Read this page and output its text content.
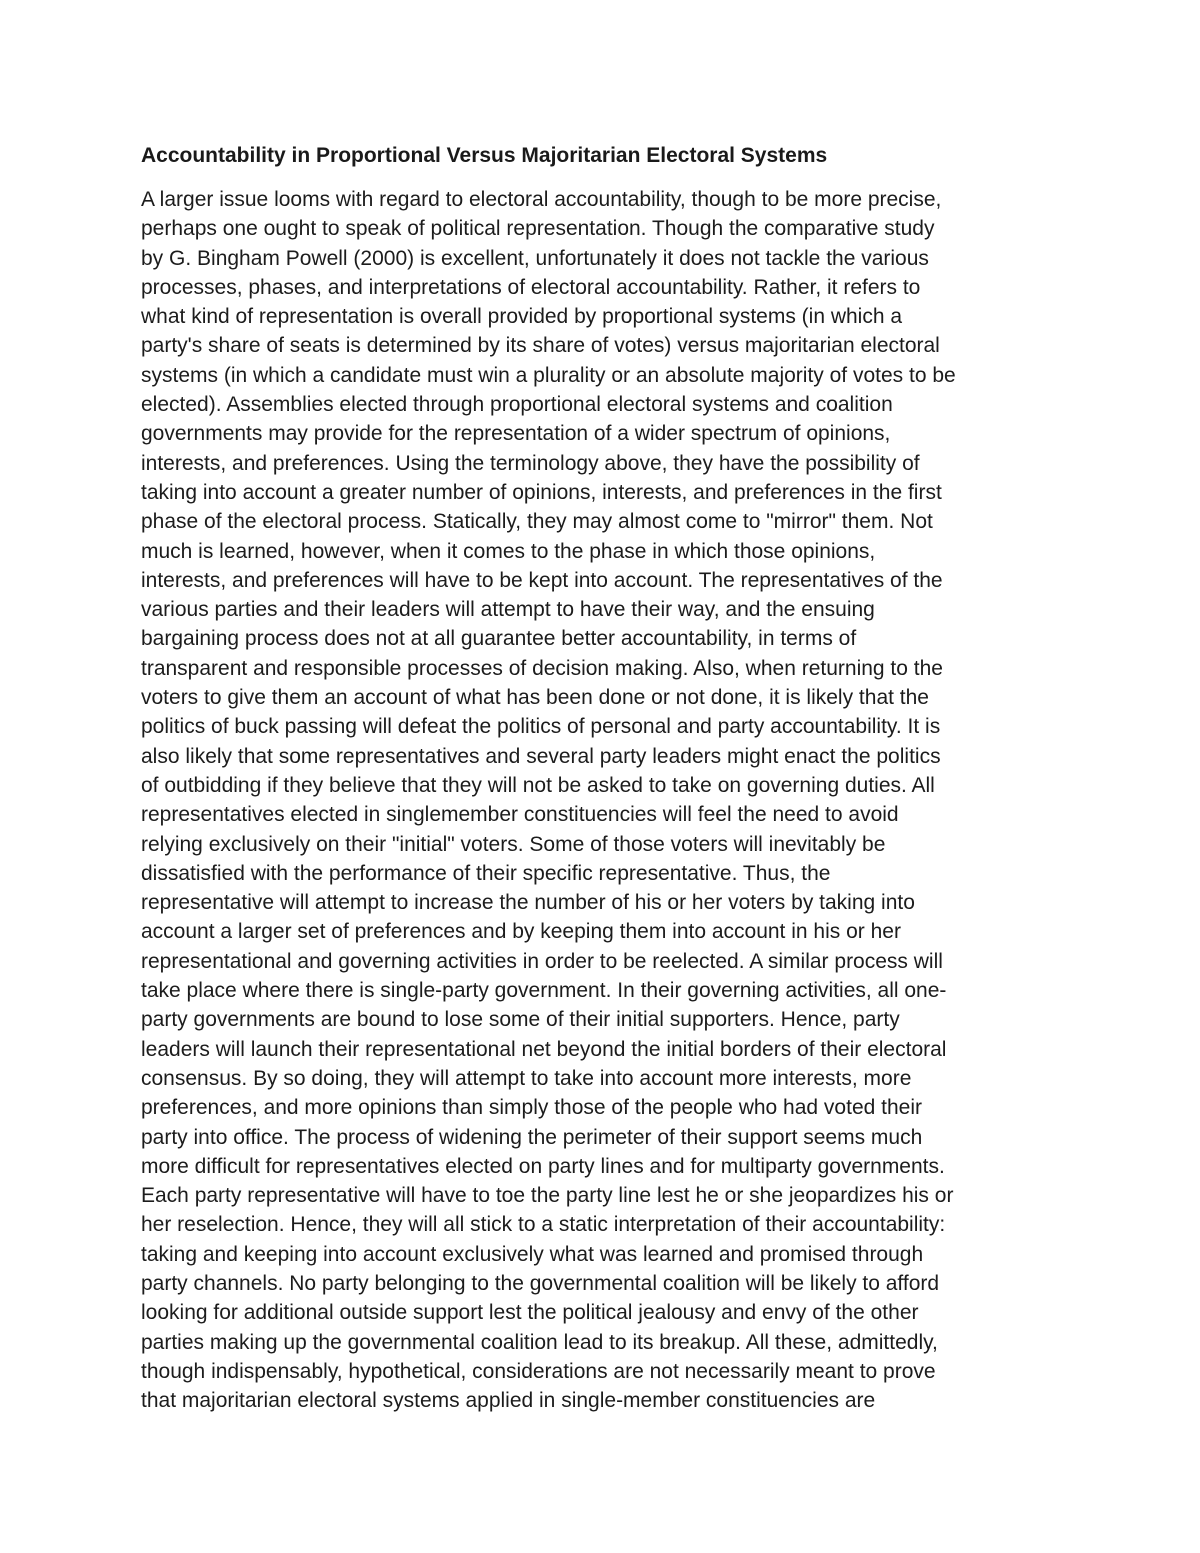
Accountability in Proportional Versus Majoritarian Electoral Systems
A larger issue looms with regard to electoral accountability, though to be more precise,
perhaps one ought to speak of political representation. Though the comparative study
by G. Bingham Powell (2000) is excellent, unfortunately it does not tackle the various
processes, phases, and interpretations of electoral accountability. Rather, it refers to
what kind of representation is overall provided by proportional systems (in which a
party's share of seats is determined by its share of votes) versus majoritarian electoral
systems (in which a candidate must win a plurality or an absolute majority of votes to be
elected). Assemblies elected through proportional electoral systems and coalition
governments may provide for the representation of a wider spectrum of opinions,
interests, and preferences. Using the terminology above, they have the possibility of
taking into account a greater number of opinions, interests, and preferences in the first
phase of the electoral process. Statically, they may almost come to "mirror" them. Not
much is learned, however, when it comes to the phase in which those opinions,
interests, and preferences will have to be kept into account. The representatives of the
various parties and their leaders will attempt to have their way, and the ensuing
bargaining process does not at all guarantee better accountability, in terms of
transparent and responsible processes of decision making. Also, when returning to the
voters to give them an account of what has been done or not done, it is likely that the
politics of buck passing will defeat the politics of personal and party accountability. It is
also likely that some representatives and several party leaders might enact the politics
of outbidding if they believe that they will not be asked to take on governing duties. All
representatives elected in singlemember constituencies will feel the need to avoid
relying exclusively on their "initial" voters. Some of those voters will inevitably be
dissatisfied with the performance of their specific representative. Thus, the
representative will attempt to increase the number of his or her voters by taking into
account a larger set of preferences and by keeping them into account in his or her
representational and governing activities in order to be reelected. A similar process will
take place where there is single-party government. In their governing activities, all one-
party governments are bound to lose some of their initial supporters. Hence, party
leaders will launch their representational net beyond the initial borders of their electoral
consensus. By so doing, they will attempt to take into account more interests, more
preferences, and more opinions than simply those of the people who had voted their
party into office. The process of widening the perimeter of their support seems much
more difficult for representatives elected on party lines and for multiparty governments.
Each party representative will have to toe the party line lest he or she jeopardizes his or
her reselection. Hence, they will all stick to a static interpretation of their accountability:
taking and keeping into account exclusively what was learned and promised through
party channels. No party belonging to the governmental coalition will be likely to afford
looking for additional outside support lest the political jealousy and envy of the other
parties making up the governmental coalition lead to its breakup. All these, admittedly,
though indispensably, hypothetical, considerations are not necessarily meant to prove
that majoritarian electoral systems applied in single-member constituencies are
